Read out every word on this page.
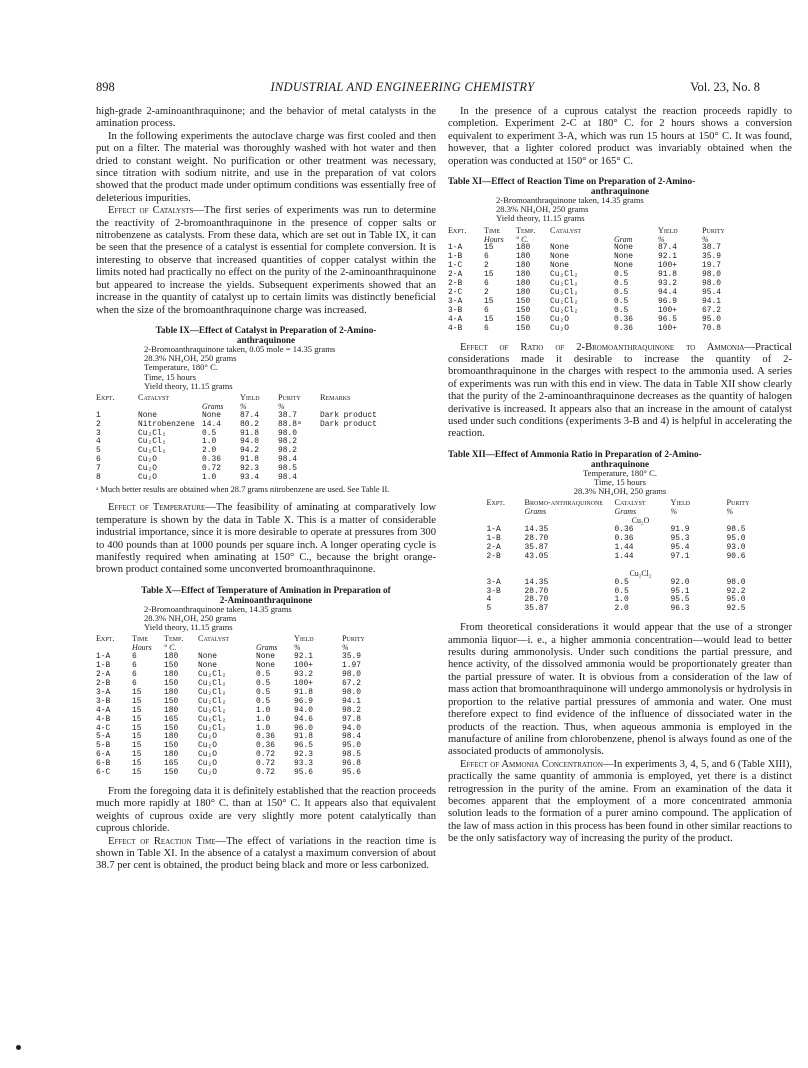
898	INDUSTRIAL AND ENGINEERING CHEMISTRY	Vol. 23, No. 8

high-grade 2-aminoanthraquinone; and the behavior of metal catalysts in the amination process.

In the following experiments the autoclave charge was first cooled and then put on a filter. The material was thoroughly washed with hot water and then dried to constant weight. No purification or other treatment was necessary, since titration with sodium nitrite, and use in the preparation of vat colors showed that the product made under optimum conditions was essentially free of deleterious impurities.

Effect of Catalysts—The first series of experiments was run to determine the reactivity of 2-bromoanthraquinone in the presence of copper salts or nitrobenzene as catalysts. From these data, which are set out in Table IX, it can be seen that the presence of a catalyst is essential for complete conversion. It is interesting to observe that increased quantities of copper catalyst within the limits noted had practically no effect on the purity of the 2-aminoanthraquinone but appeared to increase the yields. Subsequent experiments showed that an increase in the quantity of catalyst up to certain limits was distinctly beneficial when the size of the bromoanthraquinone charge was increased.

Table IX—Effect of Catalyst in Preparation of 2-Amino-
anthraquinone
2-Bromoanthraquinone taken, 0.05 mole = 14.35 grams
28.3% NH₄OH, 250 grams
Temperature, 180° C.
Time, 15 hours
Yield theory, 11.15 grams
Expt.	Catalyst		Yield	Purity	Remarks
		Grams	%	%	
1	None	None	87.4	38.7	Dark product
2	Nitrobenzene	14.4	80.2	88.8ᵃ	Dark product
3	Cu₂Cl₂	0.5	91.8	98.0	
4	Cu₂Cl₂	1.0	94.0	98.2	
5	Cu₂Cl₂	2.0	94.2	98.2	
6	Cu₂O	0.36	91.8	98.4	
7	Cu₂O	0.72	92.3	98.5	
8	Cu₂O	1.0	93.4	98.4	
ᵃ Much better results are obtained when 28.7 grams nitrobenzene are used. See Table II.

Effect of Temperature—The feasibility of aminating at comparatively low temperature is shown by the data in Table X. This is a matter of considerable industrial importance, since it is more desirable to operate at pressures from 300 to 400 pounds than at 1000 pounds per square inch. A longer operating cycle is manifestly required when aminating at 150° C., because the bright orange-brown product contained some unconverted bromoanthraquinone.

Table X—Effect of Temperature of Amination in Preparation of
2-Aminoanthraquinone
2-Bromoanthraquinone taken, 14.35 grams
28.3% NH₄OH, 250 grams
Yield theory, 11.15 grams
Expt.	Time	Temp.	Catalyst		Yield	Purity
	Hours	° C.		Grams	%	%
1-A	6	180	None	None	92.1	35.9
1-B	6	150	None	None	100+	1.97
2-A	6	180	Cu₂Cl₂	0.5	93.2	98.0
2-B	6	150	Cu₂Cl₂	0.5	100+	67.2
3-A	15	180	Cu₂Cl₂	0.5	91.8	98.0
3-B	15	150	Cu₂Cl₂	0.5	96.9	94.1
4-A	15	180	Cu₂Cl₂	1.0	94.0	98.2
4-B	15	165	Cu₂Cl₂	1.0	94.6	97.8
4-C	15	150	Cu₂Cl₂	1.0	96.0	94.0
5-A	15	180	Cu₂O	0.36	91.8	98.4
5-B	15	150	Cu₂O	0.36	96.5	95.0
6-A	15	180	Cu₂O	0.72	92.3	98.5
6-B	15	165	Cu₂O	0.72	93.3	96.8
6-C	15	150	Cu₂O	0.72	95.6	95.6

From the foregoing data it is definitely established that the reaction proceeds much more rapidly at 180° C. than at 150° C. It appears also that equivalent weights of cuprous oxide are very slightly more potent catalytically than cuprous chloride.

Effect of Reaction Time—The effect of variations in the reaction time is shown in Table XI. In the absence of a catalyst a maximum conversion of about 38.7 per cent is obtained, the product being black and more or less carbonized.

In the presence of a cuprous catalyst the reaction proceeds rapidly to completion. Experiment 2-C at 180° C. for 2 hours shows a conversion equivalent to experiment 3-A, which was run 15 hours at 150° C. It was found, however, that a lighter colored product was invariably obtained when the operation was conducted at 150° or 165° C.

Table XI—Effect of Reaction Time on Preparation of 2-Amino-
anthraquinone
2-Bromoanthraquinone taken, 14.35 grams
28.3% NH₄OH, 250 grams
Yield theory, 11.15 grams
Expt.	Time	Temp.	Catalyst		Yield	Purity
	Hours	° C.		Gram	%	%
1-A	15	180	None	None	87.4	38.7
1-B	6	180	None	None	92.1	35.9
1-C	2	180	None	None	100+	19.7
2-A	15	180	Cu₂Cl₂	0.5	91.8	98.0
2-B	6	180	Cu₂Cl₂	0.5	93.2	98.0
2-C	2	180	Cu₂Cl₂	0.5	94.4	95.4
3-A	15	150	Cu₂Cl₂	0.5	96.9	94.1
3-B	6	150	Cu₂Cl₂	0.5	100+	67.2
4-A	15	150	Cu₂O	0.36	96.5	95.0
4-B	6	150	Cu₂O	0.36	100+	70.8

Effect of Ratio of 2-Bromoanthraquinone to Ammonia—Practical considerations made it desirable to increase the quantity of 2-bromoanthraquinone in the charges with respect to the ammonia used. A series of experiments was run with this end in view. The data in Table XII show clearly that the purity of the 2-aminoanthraquinone decreases as the quantity of halogen derivative is increased. It appears also that an increase in the amount of catalyst used under such conditions (experiments 3-B and 4) is helpful in accelerating the reaction.

Table XII—Effect of Ammonia Ratio in Preparation of 2-Amino-
anthraquinone
Temperature, 180° C.
Time, 15 hours
28.3% NH₄OH, 250 grams
Expt.	Bromo-anthraquinone	Catalyst	Yield	Purity
	Grams	Grams	%	%
		Cu₂O		
1-A	14.35	0.36	91.9	98.5
1-B	28.70	0.36	95.3	95.0
2-A	35.87	1.44	95.4	93.0
2-B	43.05	1.44	97.1	90.6

		Cu₂Cl₂		
3-A	14.35	0.5	92.0	98.0
3-B	28.70	0.5	95.1	92.2
4	28.70	1.0	95.5	95.0
5	35.87	2.0	96.3	92.5

From theoretical considerations it would appear that the use of a stronger ammonia liquor—i. e., a higher ammonia concentration—would lead to better results during ammonolysis. Under such conditions the partial pressure, and hence activity, of the dissolved ammonia would be proportionately greater than the partial pressure of water. It is obvious from a consideration of the law of mass action that bromoanthraquinone will undergo ammonolysis or hydrolysis in proportion to the relative partial pressures of ammonia and water. One must therefore expect to find evidence of the influence of dissociated water in the products of the reaction. Thus, when aqueous ammonia is employed in the manufacture of aniline from chlorobenzene, phenol is always found as one of the associated products of ammonolysis.

Effect of Ammonia Concentration—In experiments 3, 4, 5, and 6 (Table XIII), practically the same quantity of ammonia is employed, yet there is a distinct retrogression in the purity of the amine. From an examination of the data it becomes apparent that the employment of a more concentrated ammonia solution leads to the formation of a purer amino compound. The application of the law of mass action in this process has been found in other similar reactions to be the only satisfactory way of increasing the purity of the product.
